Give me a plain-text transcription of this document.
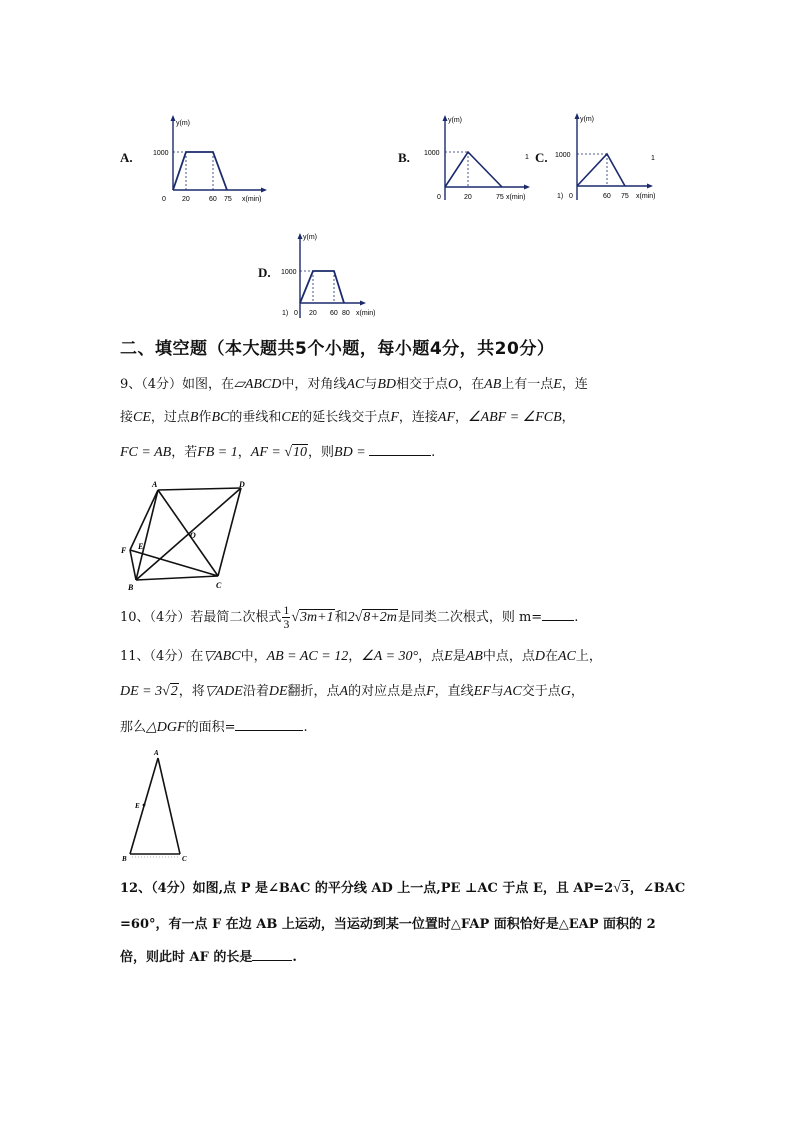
A.	B.	C.
D.
y(m)
x(min)
1000
0 20	60 75
y(m)
x(min)
1000
0	20	75
1
1)
y(m)
x(min)
1000
0	60 75
1
1)
y(m)
x(min)
1000
0 20 60 80
二、填空题（本大题共5个小题，每小题4分，共20分）
9、（4分）如图，在▱ABCD中，对角线AC与BD相交于点O，在AB上有一点E，连
接CE，过点B作BC的垂线和CE的延长线交于点F，连接AF，∠ABF = ∠FCB，
FC = AB，若FB = 1，AF = √10，则BD =	.
A	D
O
F E
B	C
10、（4分）若最简二次根式 $\frac{1}{3} √3m+1$和2√8+2m是同类二次根式，则 m= .
11、（4分）在▽ABC中，AB = AC = 12，∠A = 30°，点E是AB中点，点D在AC上，
DE = 3√2，将▽ADE沿着DE翻折，点A的对应点是点F，直线EF与AC交于点G，
那么△DGF的面积=	.
A
E
B	C
12、（4分）如图,点 P 是∠BAC 的平分线 AD 上一点,PE ⊥AC 于点 E，且 AP=2√3，∠BAC
=60°，有一点 F 在边 AB 上运动，当运动到某一位置时△FAP 面积恰好是△EAP 面积的 2
倍，则此时 AF 的长是	.
